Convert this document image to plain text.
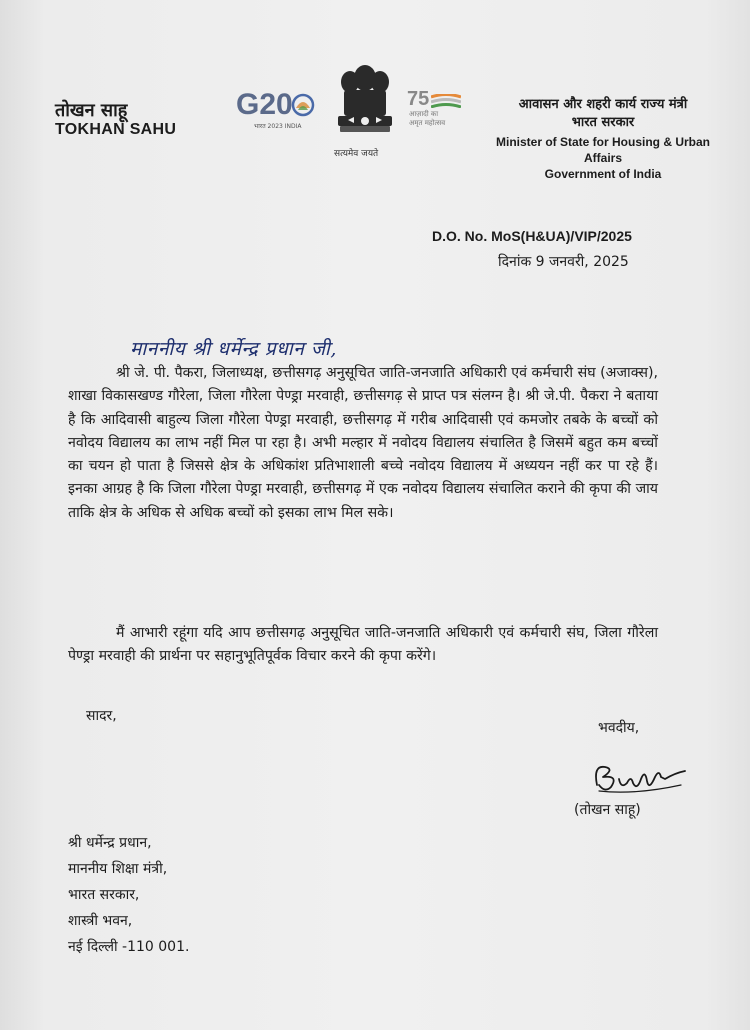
तोखन साहू
TOKHAN SAHU
G20
भारत 2023 INDIA
सत्यमेव जयते
75
आज़ादी का
अमृत महोत्सव
आवासन और शहरी कार्य राज्य मंत्री
भारत सरकार
Minister of State for Housing & Urban Affairs
Government of India
D.O. No. MoS(H&UA)/VIP/2025
दिनांक 9 जनवरी, 2025
माननीय श्री धर्मेन्द्र प्रधान जी,
श्री जे. पी. पैकरा, जिलाध्यक्ष, छत्तीसगढ़ अनुसूचित जाति-जनजाति अधिकारी एवं कर्मचारी संघ (अजाक्स), शाखा विकासखण्ड गौरेला, जिला गौरेला पेण्ड्रा मरवाही, छत्तीसगढ़ से प्राप्त पत्र संलग्न है। श्री जे.पी. पैकरा ने बताया है कि आदिवासी बाहुल्य जिला गौरेला पेण्ड्रा मरवाही, छत्तीसगढ़ में गरीब आदिवासी एवं कमजोर तबके के बच्चों को नवोदय विद्यालय का लाभ नहीं मिल पा रहा है। अभी मल्हार में नवोदय विद्यालय संचालित है जिसमें बहुत कम बच्चों का चयन हो पाता है जिससे क्षेत्र के अधिकांश प्रतिभाशाली बच्चे नवोदय विद्यालय में अध्ययन नहीं कर पा रहे हैं। इनका आग्रह है कि जिला गौरेला पेण्ड्रा मरवाही, छत्तीसगढ़ में एक नवोदय विद्यालय संचालित कराने की कृपा की जाय ताकि क्षेत्र के अधिक से अधिक बच्चों को इसका लाभ मिल सके।
मैं आभारी रहूंगा यदि आप छत्तीसगढ़ अनुसूचित जाति-जनजाति अधिकारी एवं कर्मचारी संघ, जिला गौरेला पेण्ड्रा मरवाही की प्रार्थना पर सहानुभूतिपूर्वक विचार करने की कृपा करेंगे।
सादर,
भवदीय,
(तोखन साहू)
श्री धर्मेन्द्र प्रधान,
माननीय शिक्षा मंत्री,
भारत सरकार,
शास्त्री भवन,
नई दिल्ली -110 001.
